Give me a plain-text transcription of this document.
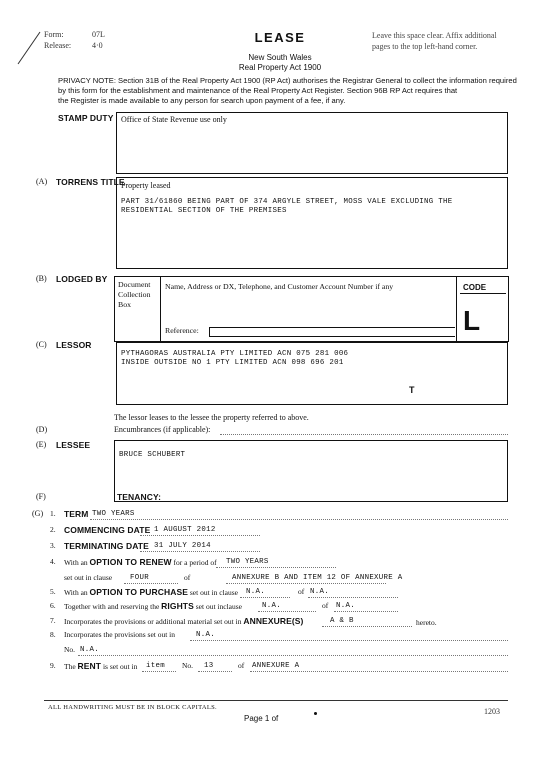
Form:	07L
Release:	4·0
LEASE
New South Wales
Real Property Act 1900
Leave this space clear. Affix additional pages to the top left-hand corner.
PRIVACY NOTE: Section 31B of the Real Property Act 1900 (RP Act) authorises the Registrar General to collect the information required
by this form for the establishment and maintenance of the Real Property Act Register. Section 96B RP Act requires that
the Register is made available to any person for search upon payment of a fee, if any.
STAMP DUTY Office of State Revenue use only
(A) TORRENS TITLE
Property leased
PART 31/61860 BEING PART OF 374 ARGYLE STREET, MOSS VALE EXCLUDING THE
RESIDENTIAL SECTION OF THE PREMISES
(B) LODGED BY
Document
Collection
Box
Name, Address or DX, Telephone, and Customer Account Number if any
Reference:
CODE
L
(C) LESSOR
PYTHAGORAS AUSTRALIA PTY LIMITED ACN 075 281 006
INSIDE OUTSIDE NO 1 PTY LIMITED ACN 098 696 201
T
The lessor leases to the lessee the property referred to above.
(D)	Encumbrances (if applicable):
(E) LESSEE
BRUCE SCHUBERT
(F)	TENANCY:
(G) 1. TERM TWO YEARS
2. COMMENCING DATE 1 AUGUST 2012
3. TERMINATING DATE 31 JULY 2014
4. With an OPTION TO RENEW for a period of TWO YEARS
set out in clause FOUR	of	ANNEXURE B AND ITEM 12 OF ANNEXURE A
5. With an OPTION TO PURCHASE set out in clause N.A.	of N.A.
6. Together with and reserving the RIGHTS set out inclause	N.A.	of N.A.
7. Incorporates the provisions or additional material set out in ANNEXURE(S)	A & B	hereto.
8. Incorporates the provisions set out in	N.A.
No. N.A.
9. The RENT is set out in item No. 13	of ANNEXURE A
ALL HANDWRITING MUST BE IN BLOCK CAPITALS.
Page 1 of
1203
